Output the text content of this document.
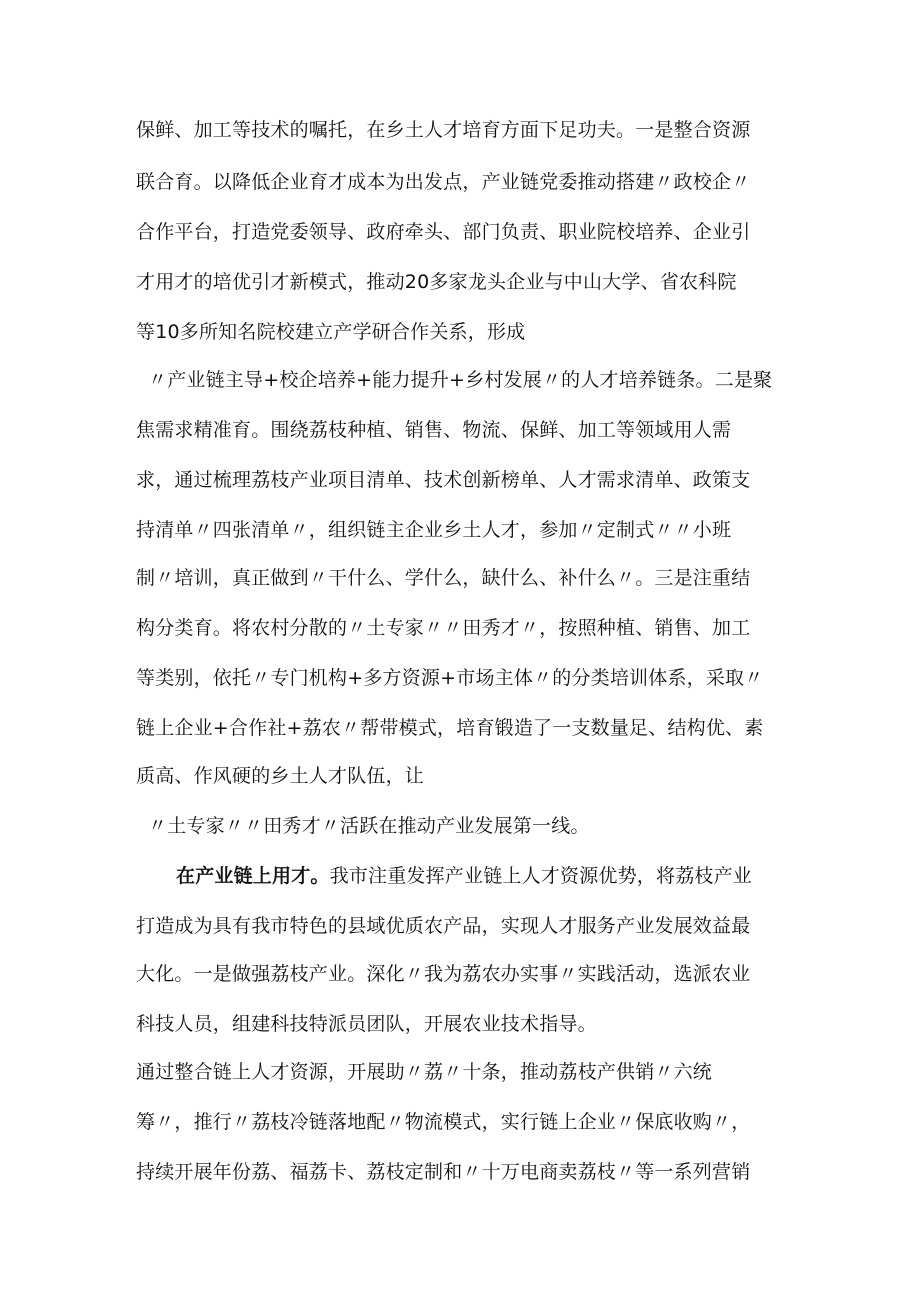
保鲜、加工等技术的嘱托，在乡土人才培育方面下足功夫。一是整合资源
联合育。以降低企业育才成本为出发点，产业链党委推动搭建〃政校企〃
合作平台，打造党委领导、政府牵头、部门负责、职业院校培养、企业引
才用才的培优引才新模式，推动20多家龙头企业与中山大学、省农科院
等10多所知名院校建立产学研合作关系，形成
〃产业链主导+校企培养+能力提升+乡村发展〃的人才培养链条。二是聚
焦需求精准育。围绕荔枝种植、销售、物流、保鲜、加工等领域用人需
求，通过梳理荔枝产业项目清单、技术创新榜单、人才需求清单、政策支
持清单〃四张清单〃，组织链主企业乡土人才，参加〃定制式〃〃小班
制〃培训，真正做到〃干什么、学什么，缺什么、补什么〃。三是注重结
构分类育。将农村分散的〃土专家〃〃田秀才〃，按照种植、销售、加工
等类别，依托〃专门机构+多方资源+市场主体〃的分类培训体系，采取〃
链上企业+合作社+荔农〃帮带模式，培育锻造了一支数量足、结构优、素
质高、作风硬的乡土人才队伍，让
〃土专家〃〃田秀才〃活跃在推动产业发展第一线。
在产业链上用才。我市注重发挥产业链上人才资源优势，将荔枝产业
打造成为具有我市特色的县域优质农产品，实现人才服务产业发展效益最
大化。一是做强荔枝产业。深化〃我为荔农办实事〃实践活动，选派农业
科技人员，组建科技特派员团队，开展农业技术指导。
通过整合链上人才资源，开展助〃荔〃十条，推动荔枝产供销〃六统
筹〃，推行〃荔枝冷链落地配〃物流模式，实行链上企业〃保底收购〃，
持续开展年份荔、福荔卡、荔枝定制和〃十万电商卖荔枝〃等一系列营销
